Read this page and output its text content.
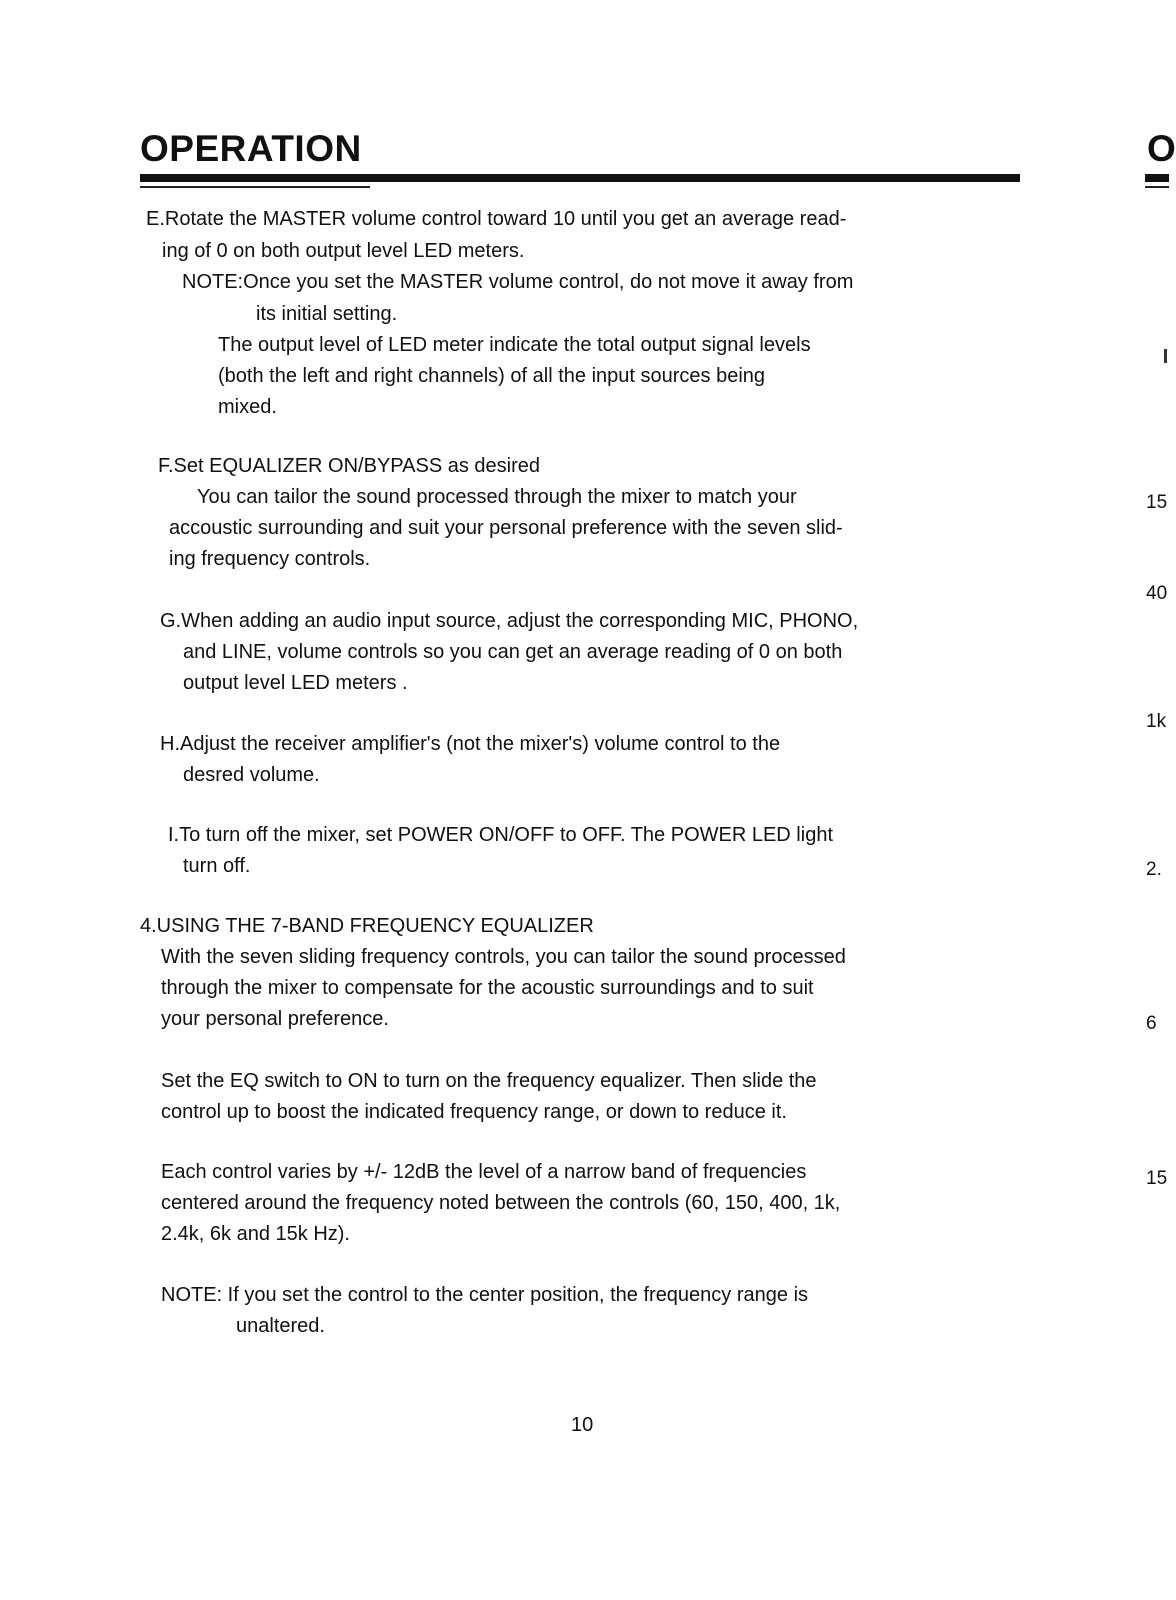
OPERATION	O
15
40
1k
2.
6
15

E.Rotate the MASTER volume control toward 10 until you get an average read-

ing of 0 on both output level LED meters.

NOTE:Once you set the MASTER volume control, do not move it away from

its initial setting.

The output level of LED meter indicate the total output signal levels

(both the left and right channels) of all the input sources being

mixed.

F.Set EQUALIZER ON/BYPASS as desired

You can tailor the sound processed through the mixer to match your

accoustic surrounding and suit your personal preference with the seven slid-

ing frequency controls.

G.When adding an audio input source, adjust the corresponding MIC, PHONO,

and LINE, volume controls so you can get an average reading of 0 on both

output level LED meters .

H.Adjust the receiver amplifier's (not the mixer's) volume control to the

desred volume.

I.To turn off the mixer, set POWER ON/OFF to OFF. The POWER LED light

turn off.

4.USING THE 7-BAND FREQUENCY EQUALIZER

With the seven sliding frequency controls, you can tailor the sound processed

through the mixer to compensate for the acoustic surroundings and to suit

your personal preference.

Set the EQ switch to ON to turn on the frequency equalizer. Then slide the

control up to boost the indicated frequency range, or down to reduce it.

Each control varies by +/- 12dB the level of a narrow band of frequencies

centered around the frequency noted between the controls (60, 150, 400, 1k,

2.4k, 6k and 15k Hz).

NOTE: If you set the control to the center position, the frequency range is

unaltered.

10
